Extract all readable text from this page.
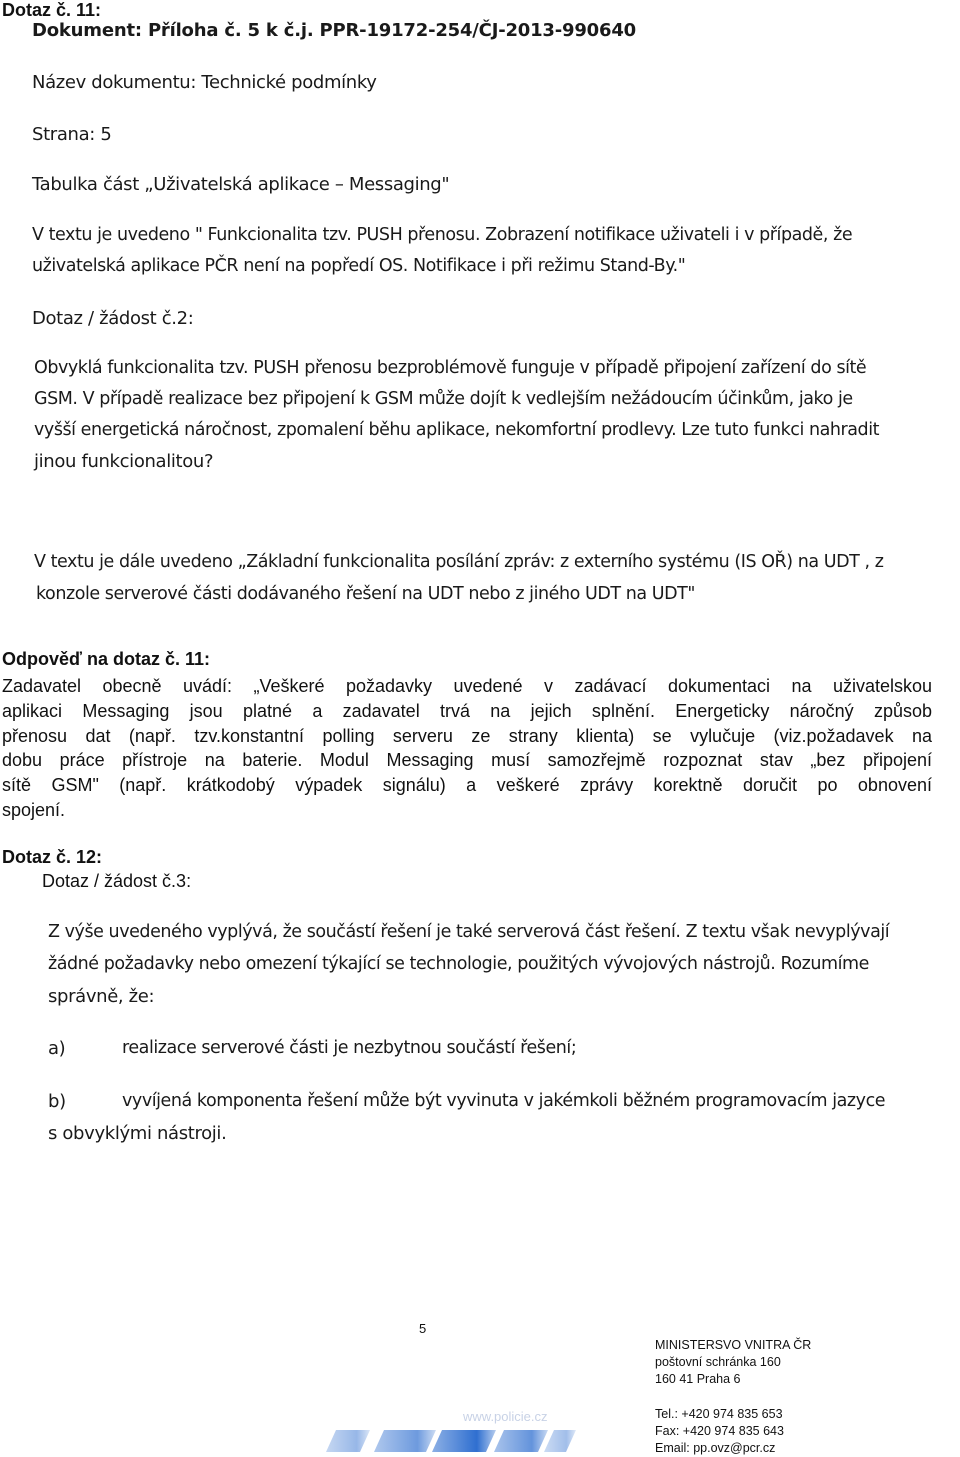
Dotaz č. 11:
Dokument: Příloha č. 5 k č.j. PPR-19172-254/ČJ-2013-990640
Název dokumentu: Technické podmínky
Strana: 5
Tabulka část „Uživatelská aplikace – Messaging"
V textu je uvedeno " Funkcionalita tzv. PUSH přenosu. Zobrazení notifikace uživateli i v případě, že
uživatelská aplikace PČR není na popředí OS. Notifikace i při režimu Stand-By."
Dotaz / žádost č.2:
Obvyklá funkcionalita tzv. PUSH přenosu bezproblémově funguje v případě připojení zařízení do sítě
GSM. V případě realizace bez připojení k GSM může dojít k vedlejším nežádoucím účinkům, jako je
vyšší energetická náročnost, zpomalení běhu aplikace, nekomfortní prodlevy. Lze tuto funkci nahradit
jinou funkcionalitou?
V textu je dále uvedeno „Základní funkcionalita posílání zpráv: z externího systému (IS OŘ) na UDT , z
konzole serverové části dodávaného řešení na UDT nebo z jiného UDT na UDT"
Odpověď na dotaz č. 11:
Zadavatel obecně uvádí: „Veškeré požadavky uvedené v zadávací dokumentaci na uživatelskou
aplikaci Messaging jsou platné a zadavatel trvá na jejich splnění. Energeticky náročný způsob
přenosu dat (např. tzv.konstantní polling serveru ze strany klienta) se vylučuje (viz.požadavek na
dobu práce přístroje na baterie. Modul Messaging musí samozřejmě rozpoznat stav „bez připojení
sítě GSM" (např. krátkodobý výpadek signálu) a veškeré zprávy korektně doručit po obnovení
spojení.
Dotaz č. 12:
Dotaz / žádost č.3:
Z výše uvedeného vyplývá, že součástí řešení je také serverová část řešení. Z textu však nevyplývají
žádné požadavky nebo omezení týkající se technologie, použitých vývojových nástrojů. Rozumíme
správně, že:
a)	realizace serverové části je nezbytnou součástí řešení;
b)	vyvíjená komponenta řešení může být vyvinuta v jakémkoli běžném programovacím jazyce
s obvyklými nástroji.
5
MINISTERSVO VNITRA ČR
poštovní schránka 160
160 41 Praha 6
www.policie.cz	Tel.: +420 974 835 653
Fax: +420 974 835 643
Email: pp.ovz@pcr.cz
